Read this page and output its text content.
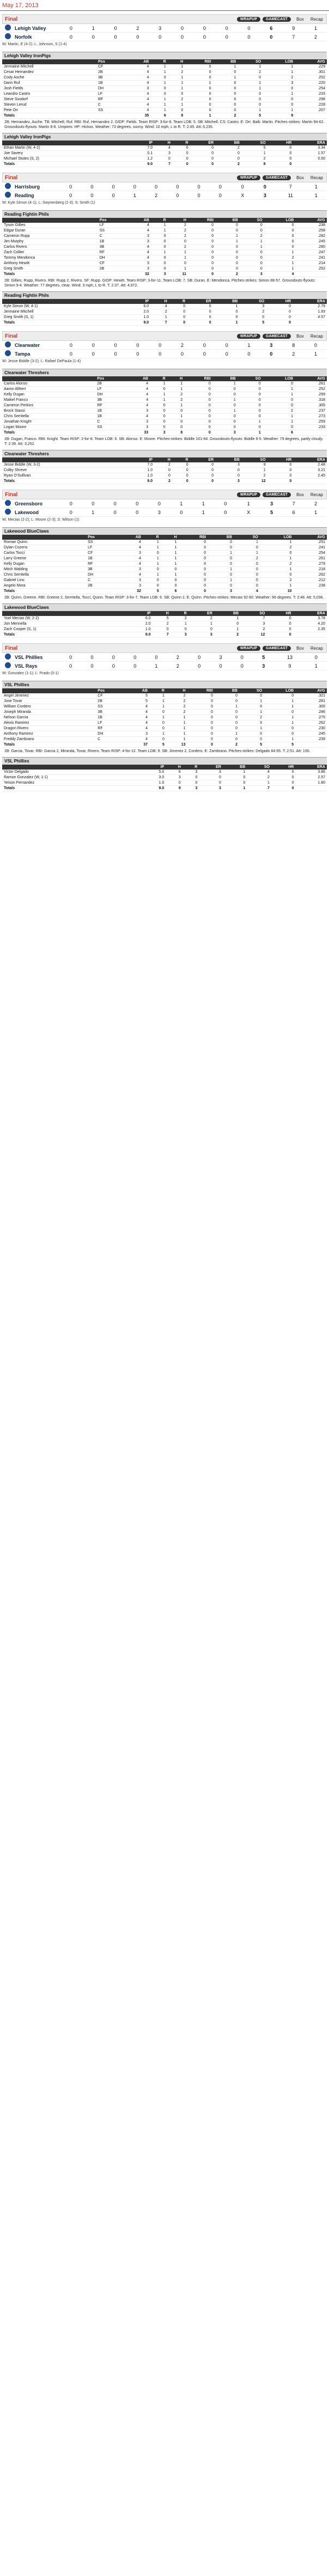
May 17, 2013
Final	WRAPUP	GAMECAST	Box Recap
	Lehigh Valley	0	1	0	2	3	0	0	0	0	6	9	1
	Norfolk	0	0	0	0	0	0	0	0	0	0	7	2
W: Martin, E (4-2); L: Johnson, S (1-4)
Lehigh Valley IronPigs
	Pos	AB	R	H	RBI	BB	SO	LOB	AVG
Jermaine Mitchell	CF	4	1	1	0	1	1	1	.229
Cesar Hernandez	2B	4	1	2	0	0	2	1	.301
Cody Asche	3B	4	0	1	0	1	0	2	.252
Darin Ruf	1B	4	1	1	1	0	1	3	.220
Josh Fields	DH	3	0	1	0	0	1	0	.254
Leandro Castro	LF	4	0	0	0	0	0	1	.233
Steve Susdorf	RF	4	1	2	0	0	0	0	.298
Steven Lerud	C	4	1	1	0	0	0	0	.228
Pete Orr	SS	4	1	0	0	0	1	1	.207
Totals		35	6	9	1	2	5	9	
2B: Hernandez, Asche. TB: Mitchell, Ruf. RBI: Ruf, Hernandez 2. GIDP: Fields. Team RISP: 3-for-9. Team LOB: 5. SB: Mitchell. CS: Castro. E: Orr. Balk: Martin. Pitches-strikes: Martin 94-62. Groundouts-flyouts: Martin 8-6. Umpires: HP: Hickox. Weather: 73 degrees, sunny. Wind: 10 mph, L to R. T: 2:45. Att: 6,235.
Lehigh Valley IronPigs
		IP	H	R	ER	BB	SO	HR	ERA
Ethan Martin (W, 4-2)		7.0	4	0	0	2	5	0	3.34
Joe Savery		0.1	3	0	0	0	1	0	1.57
Michael Stutes (S, 2)		1.2	0	0	0	0	2	0	0.00
Totals		9.0	7	0	0	2	8	0	
Final	WRAPUP	GAMECAST	Box Recap
	Harrisburg	0	0	0	0	0	0	0	0	0	0	7	1
	Reading	0	0	0	1	2	0	0	0	X	3	11	1
W: Kyle Simon (4-1); L: Swynenberg (2-3); S: Smith (1)
Reading Fightin Phils
	Pos	AB	R	H	RBI	BB	SO	LOB	AVG
Tyson Gillies	LF	4	1	2	0	0	0	0	.238
Edgar Duran	SS	4	1	2	0	0	0	0	.258
Cameron Rupp	C	3	0	2	0	1	2	0	.282
Jim Murphy	1B	3	0	0	0	1	1	0	.245
Carlos Rivero	3B	4	0	2	0	0	1	0	.280
Zach Collier	RF	4	1	1	0	0	0	1	.247
Tommy Mendonca	DH	4	0	1	0	0	0	2	.241
Anthony Hewitt	CF	3	0	0	0	0	0	1	.214
Greg Smith	2B	3	0	1	0	0	0	1	.252
Totals		32	3	11	0	2	3	4	
2B: Gillies, Rupp, Rivero. RBI: Rupp 2, Rivero. SF: Rupp. GIDP: Hewitt. Team RISP: 3-for-11. Team LOB: 7. SB: Duran. E: Mendonca. Pitches-strikes: Simon 88-57. Groundouts-flyouts: Simon 9-4. Weather: 77 degrees, clear. Wind: 3 mph, L to R. T: 2:37. Att: 4,972.
Reading Fightin Phils
		IP	H	R	ER	BB	SO	HR	ERA
Kyle Simon (W, 4-1)		6.0	4	0	0	1	3	0	2.79
Jermaine Mitchell		2.0	2	0	0	0	2	0	1.93
Greg Smith (S, 1)		1.0	1	0	0	0	0	0	4.57
Totals		9.0	7	0	0	1	5	0	
Final	WRAPUP	GAMECAST	Box Recap
	Clearwater	0	0	0	0	0	2	0	0	1	3	8	0
	Tampa	0	0	0	0	0	0	0	0	0	0	2	1
W: Jesse Biddle (3-2); L: Rafael DePaula (1-4)
Clearwater Threshers
	Pos	AB	R	H	RBI	BB	SO	LOB	AVG
Carlos Alonso	2B	4	1	1	0	1	0	0	.261
Aaron Altherr	LF	4	0	1	0	0	0	1	.252
Kelly Dugan	DH	4	1	2	0	0	0	1	.299
Maikel Franco	3B	4	1	2	0	1	0	0	.318
Cameron Perkins	RF	4	0	1	0	0	0	0	.305
Brock Stassi	1B	3	0	0	0	1	0	2	.237
Chris Serritella	1B	4	0	1	0	0	0	1	.273
Jonathan Knight	C	3	0	0	0	0	1	1	.259
Logan Moore	SS	3	0	0	0	0	0	0	.233
Totals		33	3	8	0	3	1	6	
2B: Dugan, Franco. RBI: Knight. Team RISP: 2-for-8. Team LOB: 6. SB: Alonso. E: Moore. Pitches-strikes: Biddle 101-64. Groundouts-flyouts: Biddle 6-5. Weather: 79 degrees, partly cloudy. T: 2:39. Att: 3,252.
Clearwater Threshers
		IP	H	R	ER	BB	SO	HR	ERA
Jesse Biddle (W, 3-2)		7.0	2	0	0	3	9	0	2.48
Colby Shreve		1.0	0	0	0	0	1	0	3.21
Ryan O'Sullivan		1.0	0	0	0	0	2	0	2.45
Totals		9.0	2	0	0	3	12	0	
Final	WRAPUP	GAMECAST	Box Recap
	Greensboro	0	0	0	0	0	1	1	0	1	3	7	2
	Lakewood	0	1	0	0	3	0	1	0	X	5	6	1
W: Mecias (2-2); L: Moore (2-3); S: Wilson (1)
Lakewood BlueClaws
	Pos	AB	R	H	RBI	BB	SO	LOB	AVG
Roman Quinn	SS	4	1	1	0	0	1	1	.251
Dylan Cozens	LF	4	1	1	0	0	0	2	.241
Carlos Tocci	CF	3	0	1	0	1	1	0	.254
Larry Greene	1B	4	1	1	0	0	2	1	.261
Kelly Dugan	RF	4	1	1	0	0	0	2	.279
Mitch Walding	3B	3	0	0	0	1	0	1	.218
Chris Serritella	DH	4	1	1	0	0	0	0	.262
Gabriel Lino	C	3	0	0	0	1	0	2	.212
Angelo Mora	2B	3	0	0	0	0	0	1	.238
Totals		32	5	6	0	3	4	10	
2B: Quinn, Greene. RBI: Greene 2, Serritella, Tocci, Quinn. Team RISP: 3-for-7. Team LOB: 6. SB: Quinn 2. E: Quinn. Pitches-strikes: Mecias 92-60. Weather: 66 degrees. T: 2:48. Att: 5,036.
Lakewood BlueClaws
		IP	H	R	ER	BB	SO	HR	ERA
Yoel Mecias (W, 2-2)		6.0	5	2	2	1	7	0	3.78
Jon Mennella		2.0	2	1	1	0	3	0	4.20
Zach Cooper (S, 1)		1.0	0	0	0	1	2	0	2.35
Totals		9.0	7	3	3	2	12	0	
Final	WRAPUP	GAMECAST	Box Recap
	VSL Phillies	0	0	0	0	0	2	0	3	0	5	13	0
	VSL Rays	0	0	0	0	1	2	0	0	0	3	9	1
W: Gonzalez (1-1); L: Prado (0-1)
VSL Phillies
	Pos	AB	R	H	RBI	BB	SO	LOB	AVG
Angel Jimenez	CF	5	1	2	0	0	0	0	.321
Jose Tovar	2B	5	1	2	0	0	1	1	.281
William Cordero	SS	4	1	2	0	1	0	1	.300
Joseph Miranda	3B	4	0	2	0	0	1	0	.286
Nelson Garcia	1B	4	1	1	0	0	2	1	.275
Alexis Ramirez	LF	4	0	1	0	0	0	1	.262
Dragon Rivero	RF	4	0	1	0	0	1	0	.230
Anthony Ramirez	DH	3	1	1	0	1	0	0	.245
Freddy Zambrano	C	4	0	1	0	0	0	1	.239
Totals		37	5	13	0	2	5	5	
2B: Garcia, Tovar. RBI: Garcia 2, Miranda, Tovar, Rivero. Team RISP: 4-for-12. Team LOB: 9. SB: Jimenez 2, Cordero. E: Zambrano. Pitches-strikes: Delgado 84-55. T: 2:51. Att: 150.
VSL Phillies
		IP	H	R	ER	BB	SO	HR	ERA
Victor Delgado		5.0	6	3	3	1	4	0	3.86
Ramon Gonzalez (W, 1-1)		3.0	3	0	0	0	2	0	2.57
Yeison Fernandez		1.0	0	0	0	0	1	0	1.80
Totals		9.0	9	3	3	1	7	0	
